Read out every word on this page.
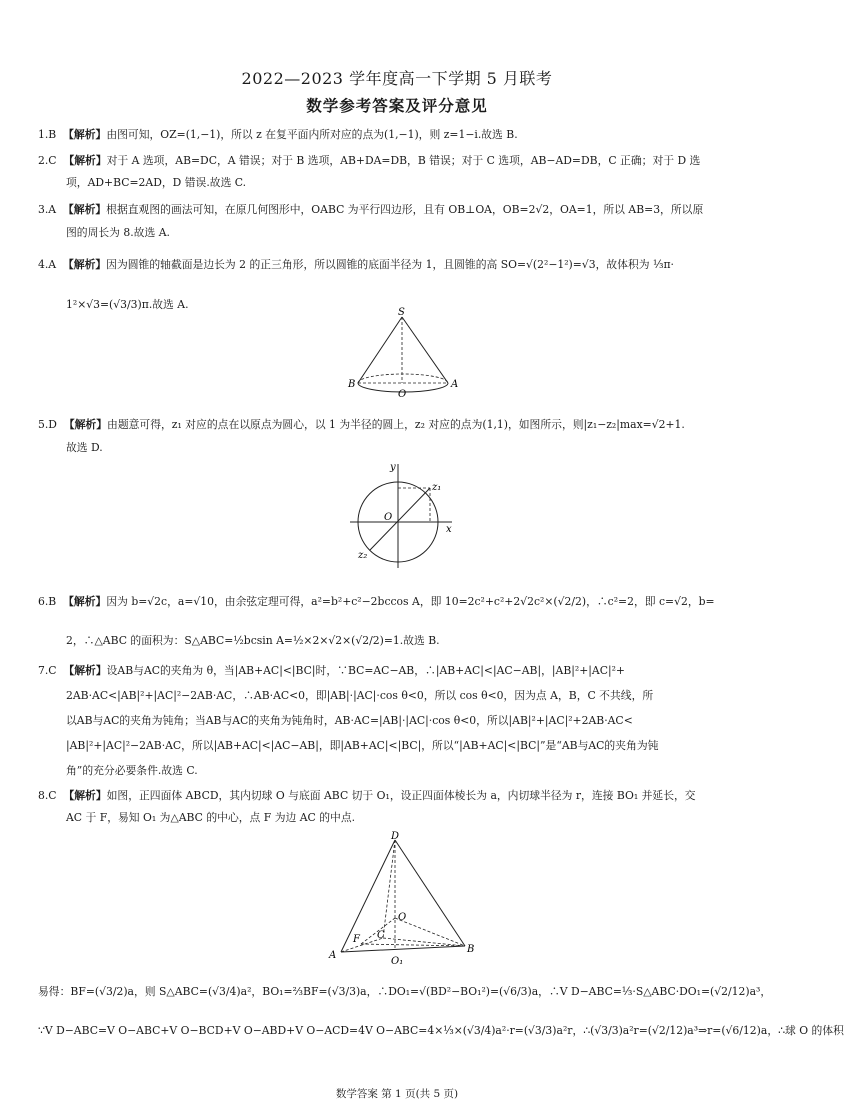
2022—2023 学年度高一下学期 5 月联考
数学参考答案及评分意见
1.B 【解析】由图可知，OZ=(1,−1)，所以 z 在复平面内所对应的点为(1,−1)，则 z=1−i.故选 B.
2.C 【解析】对于 A 选项，AB=DC，A 错误；对于 B 选项，AB+DA=DB，B 错误；对于 C 选项，AB−AD=DB，C 正确；对于 D 选
项，AD+BC=2AD，D 错误.故选 C.
3.A 【解析】根据直观图的画法可知，在原几何图形中，OABC 为平行四边形，且有 OB⊥OA，OB=2√2，OA=1，所以 AB=3，所以原
图的周长为 8.故选 A.
4.A 【解析】因为圆锥的轴截面是边长为 2 的正三角形，所以圆锥的底面半径为 1，且圆锥的高 SO=√(2²−1²)=√3，故体积为 ⅓π·
1²×√3=(√3/3)π.故选 A.
S
B	A
O
5.D 【解析】由题意可得，z₁ 对应的点在以原点为圆心，以 1 为半径的圆上，z₂ 对应的点为(1,1)，如图所示，则|z₁−z₂|max=√2+1.
故选 D.
y
x
O
z₁
z₂
6.B 【解析】因为 b=√2c，a=√10，由余弦定理可得，a²=b²+c²−2bccos A，即 10=2c²+c²+2√2c²×(√2/2)，∴c²=2，即 c=√2，b=
2，∴△ABC 的面积为：S△ABC=½bcsin A=½×2×√2×(√2/2)=1.故选 B.
7.C 【解析】设AB与AC的夹角为 θ，当|AB+AC|<|BC|时，∵BC=AC−AB，∴|AB+AC|<|AC−AB|，|AB|²+|AC|²+
2AB·AC<|AB|²+|AC|²−2AB·AC，∴AB·AC<0，即|AB|·|AC|·cos θ<0，所以 cos θ<0，因为点 A，B，C 不共线，所
以AB与AC的夹角为钝角；当AB与AC的夹角为钝角时，AB·AC=|AB|·|AC|·cos θ<0，所以|AB|²+|AC|²+2AB·AC<
|AB|²+|AC|²−2AB·AC，所以|AB+AC|<|AC−AB|，即|AB+AC|<|BC|，所以“|AB+AC|<|BC|”是“AB与AC的夹角为钝
角”的充分必要条件.故选 C.
8.C 【解析】如图，正四面体 ABCD，其内切球 O 与底面 ABC 切于 O₁，设正四面体棱长为 a，内切球半径为 r，连接 BO₁ 并延长，交
AC 于 F，易知 O₁ 为△ABC 的中心，点 F 为边 AC 的中点.
D
O
A
B
C
F
O₁
易得：BF=(√3/2)a，则 S△ABC=(√3/4)a²，BO₁=⅔BF=(√3/3)a，∴DO₁=√(BD²−BO₁²)=(√6/3)a，∴V D−ABC=⅓·S△ABC·DO₁=(√2/12)a³，
∵V D−ABC=V O−ABC+V O−BCD+V O−ABD+V O−ACD=4V O−ABC=4×⅓×(√3/4)a²·r=(√3/3)a²r，∴(√3/3)a²r=(√2/12)a³⇒r=(√6/12)a，∴球 O 的体积
数学答案 第 1 页(共 5 页)
